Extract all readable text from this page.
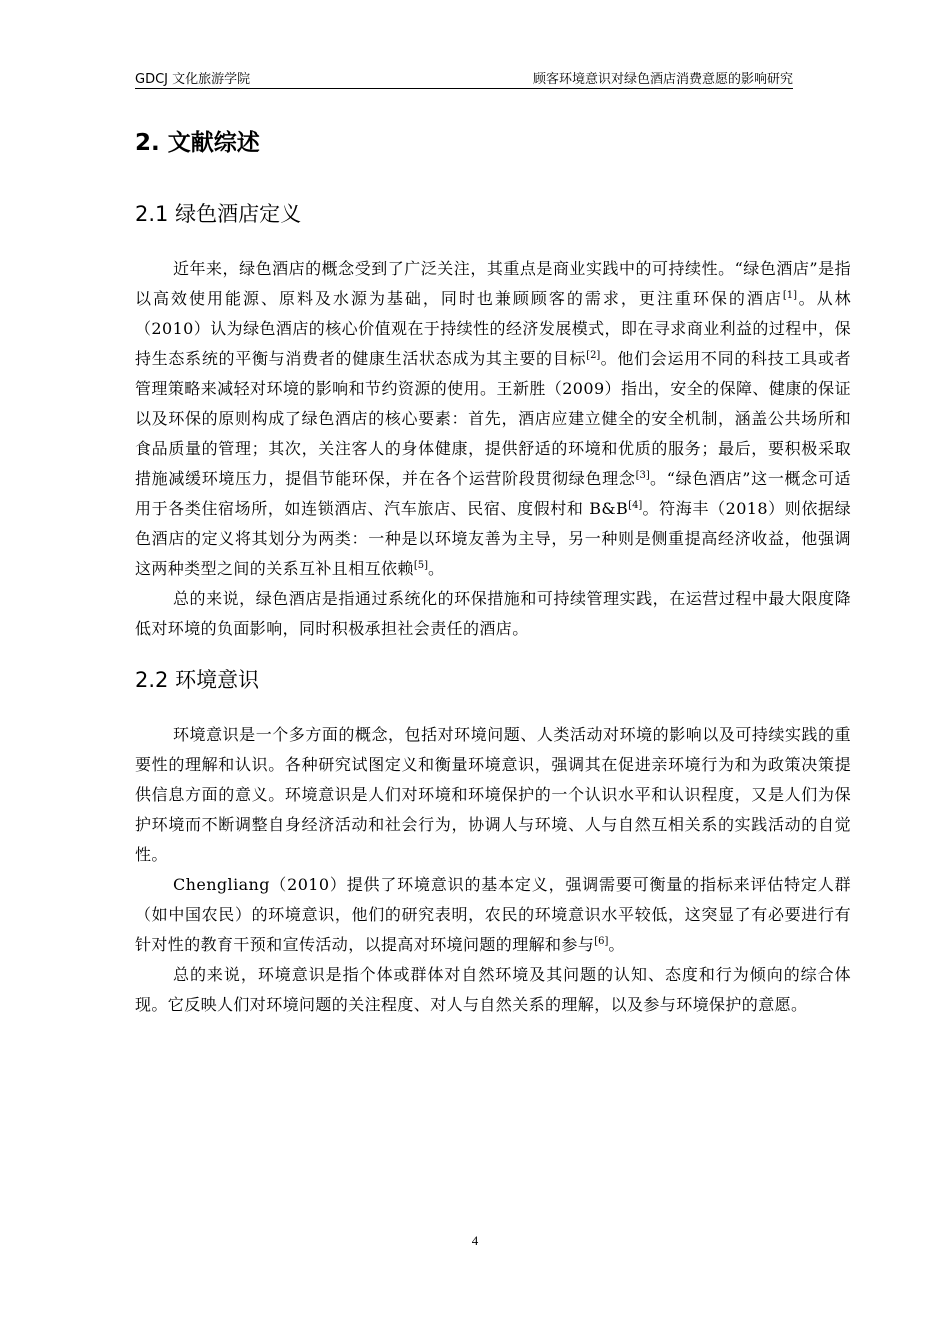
GDCJ 文化旅游学院	顾客环境意识对绿色酒店消费意愿的影响研究
2. 文献综述
2.1 绿色酒店定义

近年来，绿色酒店的概念受到了广泛关注，其重点是商业实践中的可持续性。“绿色酒店”是指以高效使用能源、原料及水源为基础，同时也兼顾顾客的需求，更注重环保的酒店[1]。从林（2010）认为绿色酒店的核心价值观在于持续性的经济发展模式，即在寻求商业利益的过程中，保持生态系统的平衡与消费者的健康生活状态成为其主要的目标[2]。他们会运用不同的科技工具或者管理策略来减轻对环境的影响和节约资源的使用。王新胜（2009）指出，安全的保障、健康的保证以及环保的原则构成了绿色酒店的核心要素：首先，酒店应建立健全的安全机制，涵盖公共场所和食品质量的管理；其次，关注客人的身体健康，提供舒适的环境和优质的服务；最后，要积极采取措施减缓环境压力，提倡节能环保，并在各个运营阶段贯彻绿色理念[3]。“绿色酒店”这一概念可适用于各类住宿场所，如连锁酒店、汽车旅店、民宿、度假村和 B&B[4]。符海丰（2018）则依据绿色酒店的定义将其划分为两类：一种是以环境友善为主导，另一种则是侧重提高经济收益，他强调这两种类型之间的关系互补且相互依赖[5]。

总的来说，绿色酒店是指通过系统化的环保措施和可持续管理实践，在运营过程中最大限度降低对环境的负面影响，同时积极承担社会责任的酒店。

2.2 环境意识

环境意识是一个多方面的概念，包括对环境问题、人类活动对环境的影响以及可持续实践的重要性的理解和认识。各种研究试图定义和衡量环境意识，强调其在促进亲环境行为和为政策决策提供信息方面的意义。环境意识是人们对环境和环境保护的一个认识水平和认识程度，又是人们为保护环境而不断调整自身经济活动和社会行为，协调人与环境、人与自然互相关系的实践活动的自觉性。

Chengliang（2010）提供了环境意识的基本定义，强调需要可衡量的指标来评估特定人群（如中国农民）的环境意识，他们的研究表明，农民的环境意识水平较低，这突显了有必要进行有针对性的教育干预和宣传活动，以提高对环境问题的理解和参与[6]。

总的来说，环境意识是指个体或群体对自然环境及其问题的认知、态度和行为倾向的综合体现。它反映人们对环境问题的关注程度、对人与自然关系的理解，以及参与环境保护的意愿。

4
